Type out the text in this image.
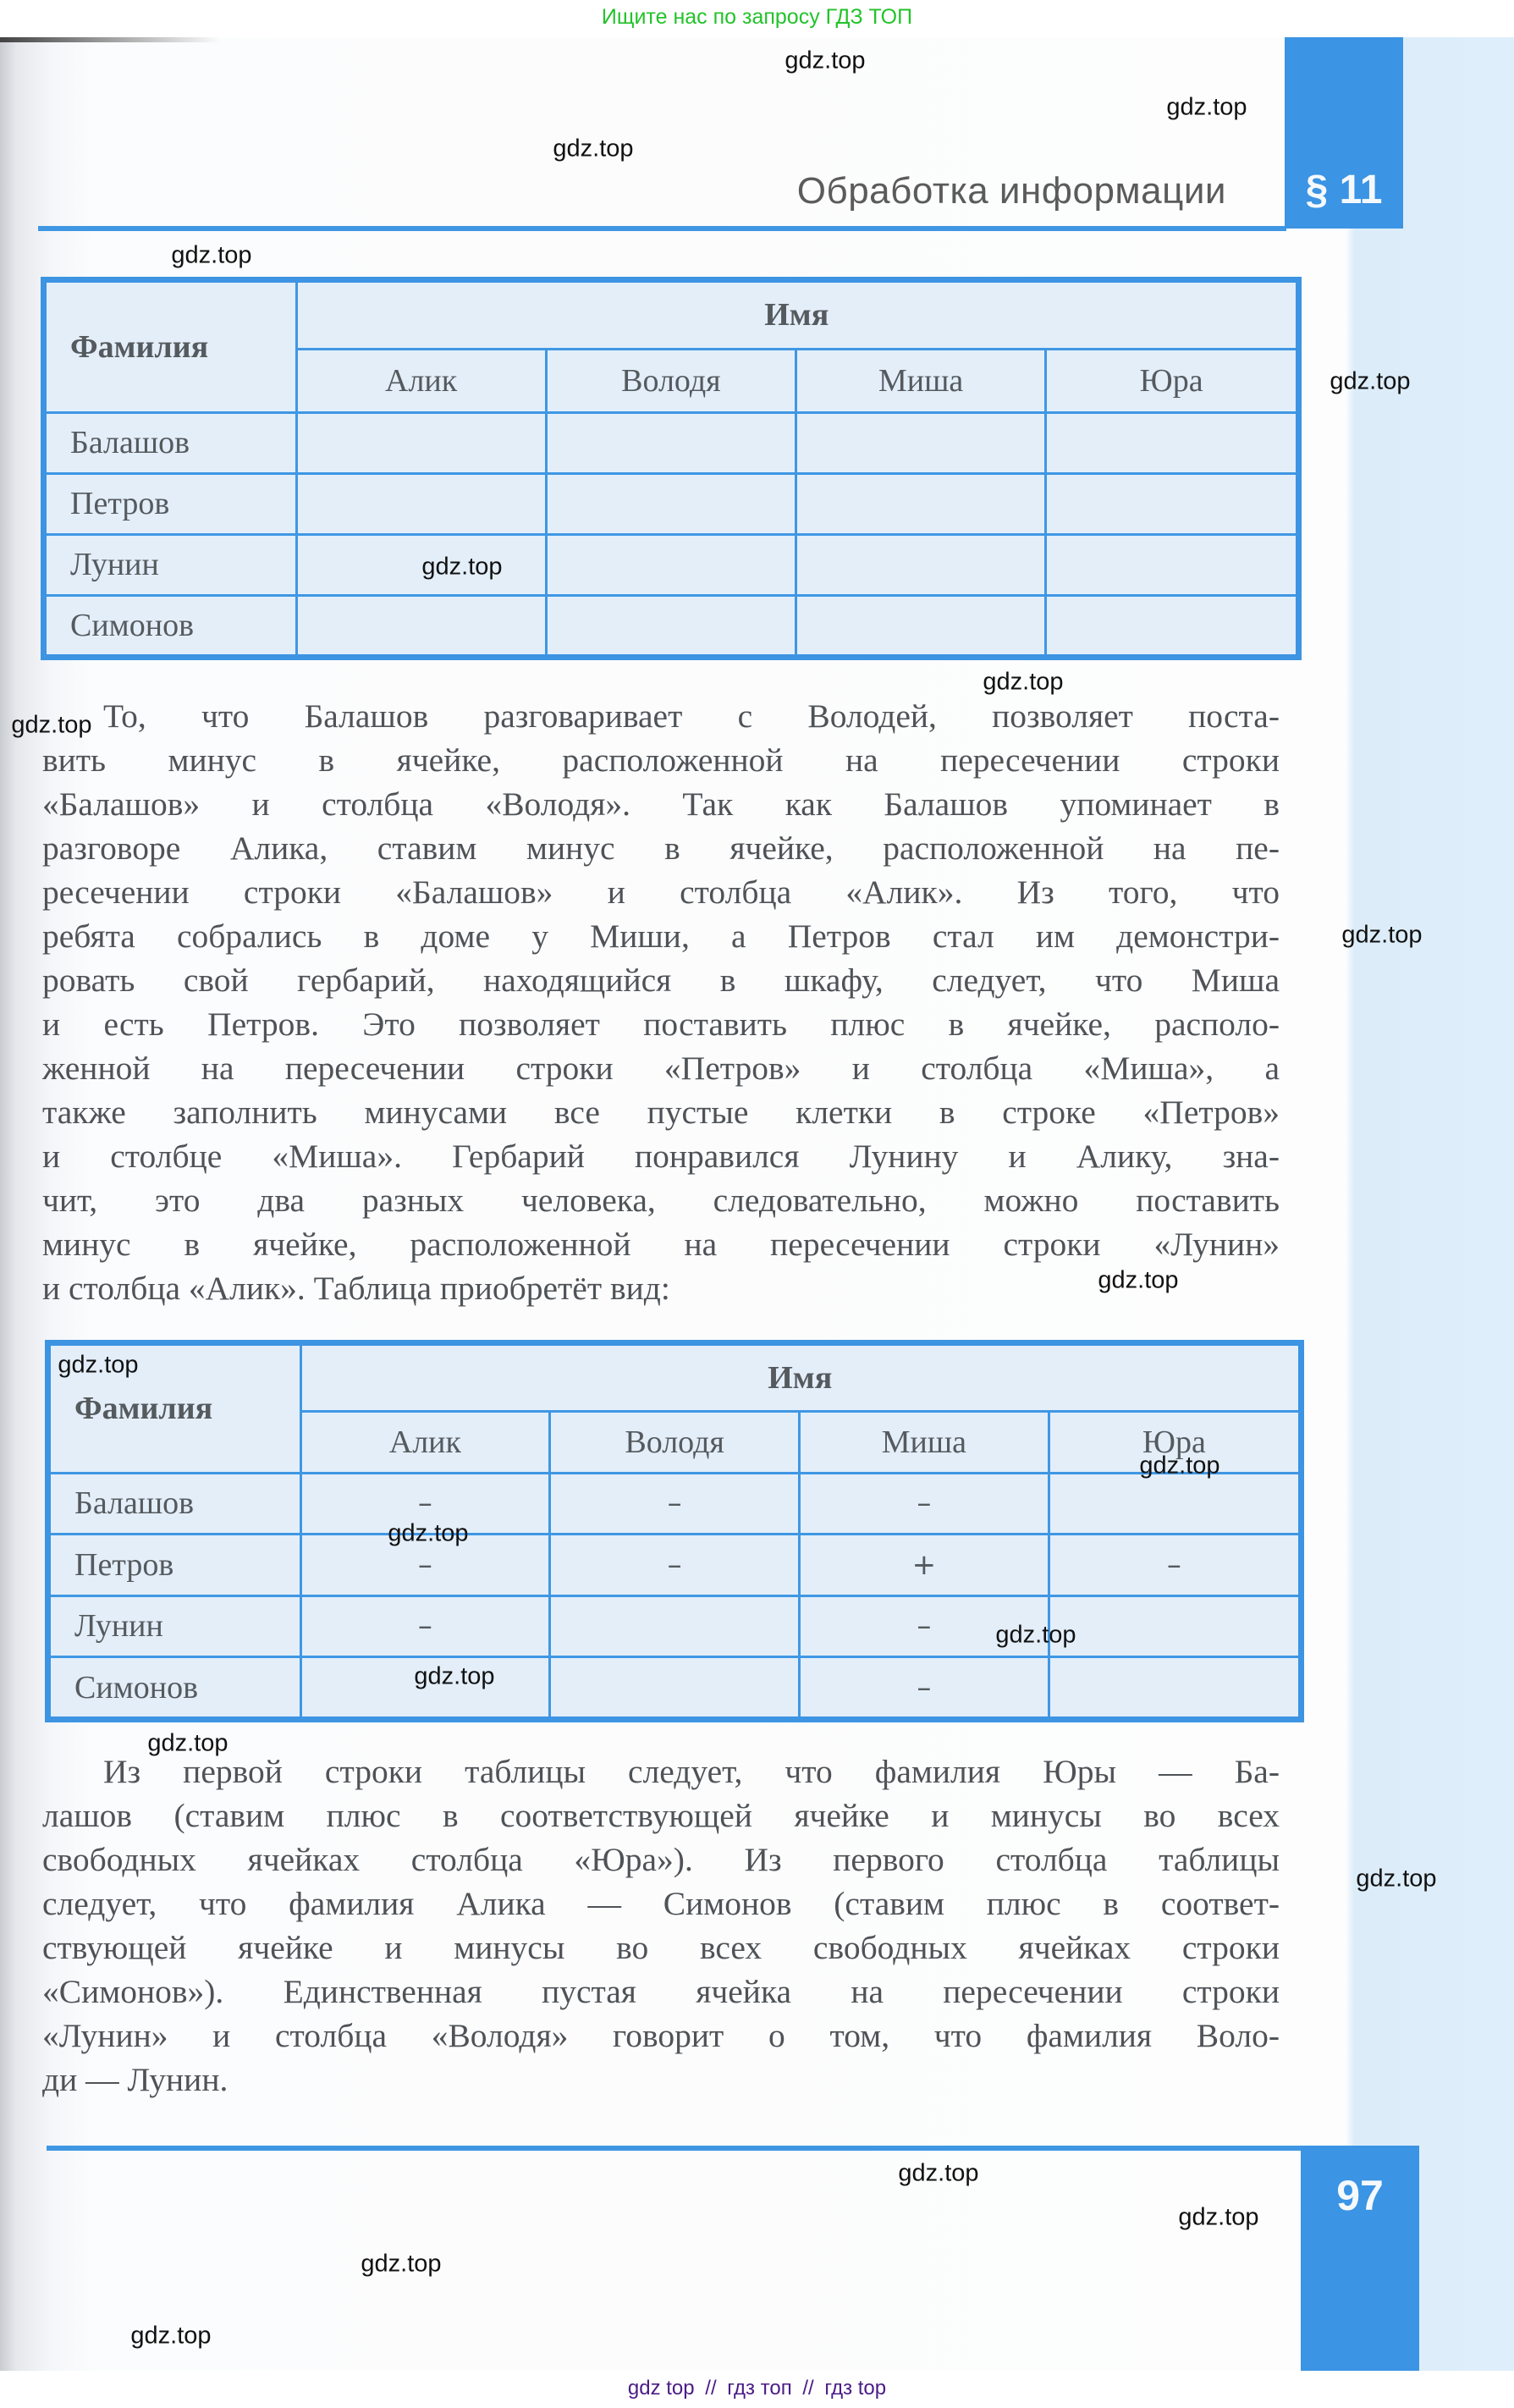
Ищите нас по запросу ГДЗ ТОП
Обработка информации	§ 11
Фамилия	Имя			
	Алик	Володя	Миша	Юра
Балашов				
Петров				
Лунин				
Симонов				
То, что Балашов разговаривает с Володей, позволяет поста-
вить минус в ячейке, расположенной на пересечении строки
«Балашов» и столбца «Володя». Так как Балашов упоминает в
разговоре Алика, ставим минус в ячейке, расположенной на пе-
ресечении строки «Балашов» и столбца «Алик». Из того, что
ребята собрались в доме у Миши, а Петров стал им демонстри-
ровать свой гербарий, находящийся в шкафу, следует, что Миша
и есть Петров. Это позволяет поставить плюс в ячейке, располо-
женной на пересечении строки «Петров» и столбца «Миша», а
также заполнить минусами все пустые клетки в строке «Петров»
и столбце «Миша». Гербарий понравился Лунину и Алику, зна-
чит, это два разных человека, следовательно, можно поставить
минус в ячейке, расположенной на пересечении строки «Лунин»
и столбца «Алик». Таблица приобретёт вид:
Фамилия	Имя			
	Алик	Володя	Миша	Юра
Балашов	–	–	–	
Петров	–	–	+	–
Лунин	–		–	
Симонов			–	
Из первой строки таблицы следует, что фамилия Юры — Ба-
лашов (ставим плюс в соответствующей ячейке и минусы во всех
свободных ячейках столбца «Юра»). Из первого столбца таблицы
следует, что фамилия Алика — Симонов (ставим плюс в соответ-
ствующей ячейке и минусы во всех свободных ячейках строки
«Симонов»). Единственная пустая ячейка на пересечении строки
«Лунин» и столбца «Володя» говорит о том, что фамилия Воло-
ди — Лунин.
97
gdz.top
gdz.top
gdz.top
gdz.top
gdz.top
gdz.top
gdz.top
gdz.top
gdz.top
gdz.top
gdz.top
gdz.top
gdz.top
gdz.top
gdz.top
gdz.top
gdz.top
gdz.top
gdz.top
gdz.top
gdz.top
gdz top // гдз топ // гдз top
